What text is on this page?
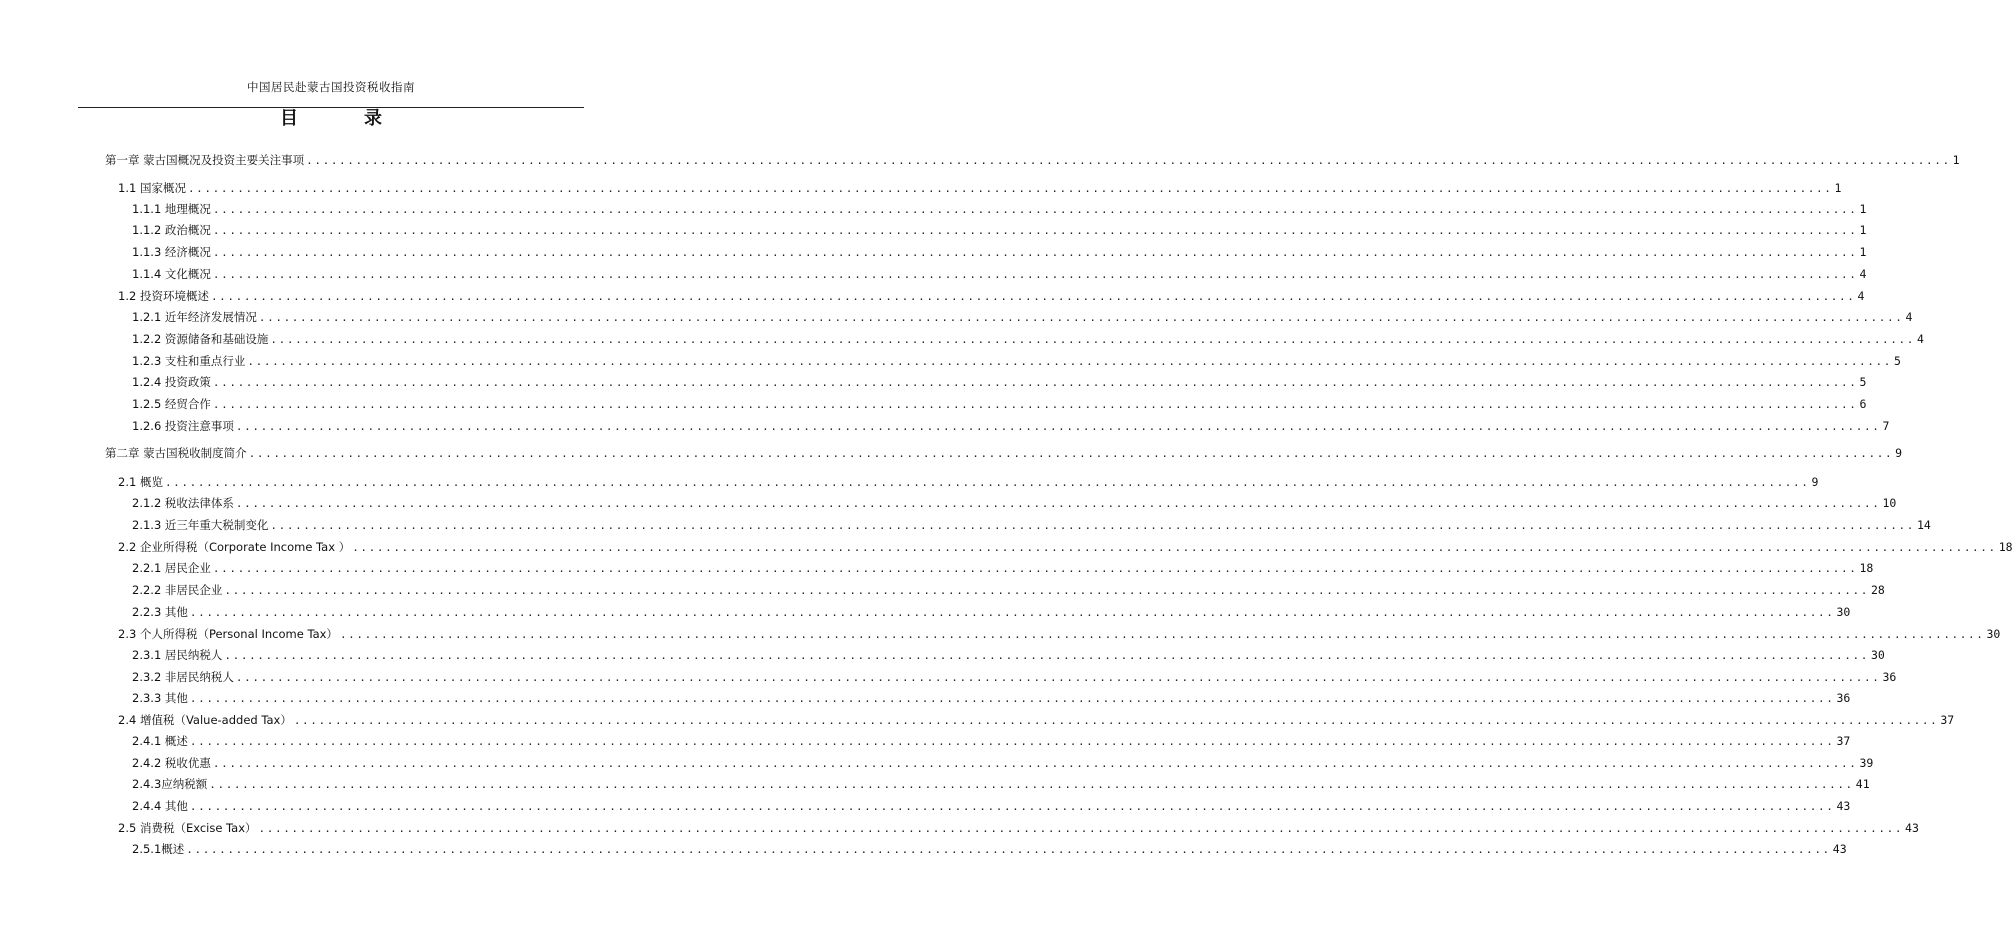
中国居民赴蒙古国投资税收指南
目　录
第一章 蒙古国概况及投资主要关注事项 ........................................................................................................................................................................................................ 1
1.1 国家概况 ........................................................................................................................................................................................................ 1
1.1.1 地理概况 ........................................................................................................................................................................................................ 1
1.1.2 政治概况 ........................................................................................................................................................................................................ 1
1.1.3 经济概况 ........................................................................................................................................................................................................ 1
1.1.4 文化概况 ........................................................................................................................................................................................................ 4
1.2 投资环境概述 ........................................................................................................................................................................................................ 4
1.2.1 近年经济发展情况 ........................................................................................................................................................................................................ 4
1.2.2 资源储备和基础设施 ........................................................................................................................................................................................................ 4
1.2.3 支柱和重点行业 ........................................................................................................................................................................................................ 5
1.2.4 投资政策 ........................................................................................................................................................................................................ 5
1.2.5 经贸合作 ........................................................................................................................................................................................................ 6
1.2.6 投资注意事项 ........................................................................................................................................................................................................ 7
第二章 蒙古国税收制度简介 ........................................................................................................................................................................................................ 9
2.1 概览 ........................................................................................................................................................................................................ 9
2.1.2 税收法律体系 ........................................................................................................................................................................................................ 10
2.1.3 近三年重大税制变化 ........................................................................................................................................................................................................ 14
2.2 企业所得税（Corporate Income Tax ） ........................................................................................................................................................................................................ 18
2.2.1 居民企业 ........................................................................................................................................................................................................ 18
2.2.2 非居民企业 ........................................................................................................................................................................................................ 28
2.2.3 其他 ........................................................................................................................................................................................................ 30
2.3 个人所得税（Personal Income Tax） ........................................................................................................................................................................................................ 30
2.3.1 居民纳税人 ........................................................................................................................................................................................................ 30
2.3.2 非居民纳税人 ........................................................................................................................................................................................................ 36
2.3.3 其他 ........................................................................................................................................................................................................ 36
2.4 增值税（Value-added Tax） ........................................................................................................................................................................................................ 37
2.4.1 概述 ........................................................................................................................................................................................................ 37
2.4.2 税收优惠 ........................................................................................................................................................................................................ 39
2.4.3应纳税额 ........................................................................................................................................................................................................ 41
2.4.4 其他 ........................................................................................................................................................................................................ 43
2.5 消费税（Excise Tax） ........................................................................................................................................................................................................ 43
2.5.1概述 ........................................................................................................................................................................................................ 43
